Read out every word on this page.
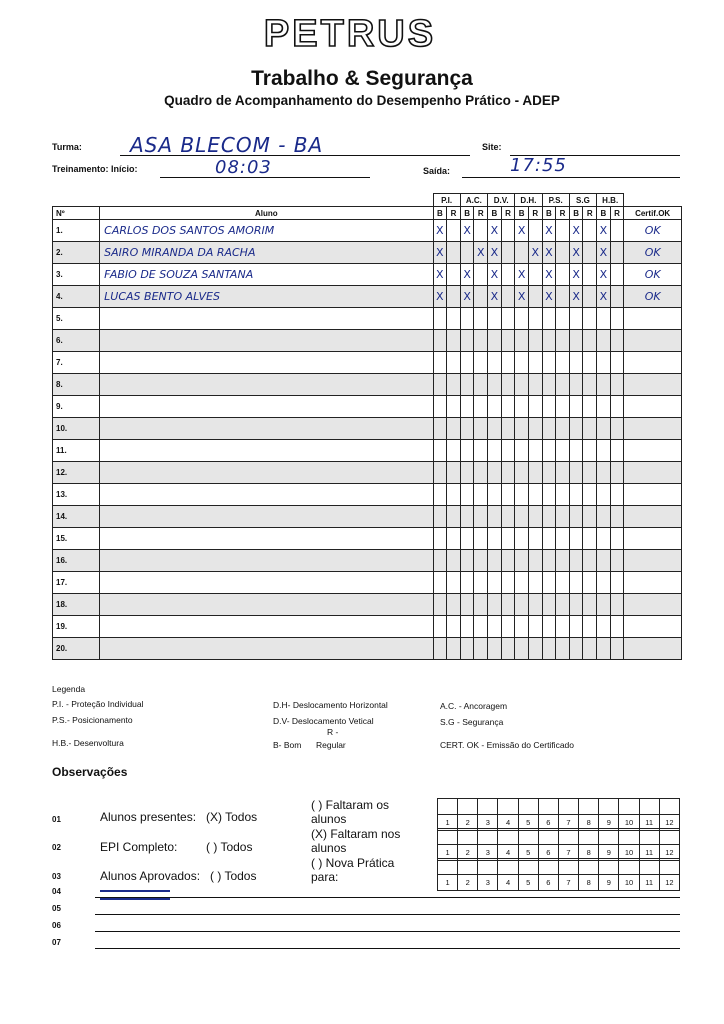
PETRUS
Trabalho & Segurança
Quadro de Acompanhamento do Desempenho Prático - ADEP
Turma: ASA BLECOM - BA	Site:
Treinamento: Início:	08:03	Saída:	17:55
		P.I.		A.C.		D.V.		D.H.		P.S.		S.G		H.B.		
Nº	Aluno	B	R	B	R	B	R	B	R	B	R	B	R	B	R	Certif.OK
1.	CARLOS DOS SANTOS AMORIM	X		X		X		X		X		X		X		OK
2.	SAIRO MIRANDA DA RACHA	X			X	X			X	X		X		X		OK
3.	FABIO DE SOUZA SANTANA	X		X		X		X		X		X		X		OK
4.	LUCAS BENTO ALVES	X		X		X		X		X		X		X		OK
5.																
6.																
7.																
8.																
9.																
10.																
11.																
12.																
13.																
14.																
15.																
16.																
17.																
18.																
19.																
20.																
Legenda
P.I. - Proteção Individual
P.S.- Posicionamento
H.B.- Desenvoltura
D.H- Deslocamento Horizontal
D.V- Deslocamento Vetical
B- Bom
R -
Regular
A.C. - Ancoragem
S.G - Segurança
CERT. OK - Emissão do Certificado
Observações
01
02
03
04
05
06
07
Alunos presentes: (X) Todos
EPI Completo: ( ) Todos
Alunos Aprovados: ( ) Todos
( ) Faltaram os
alunos
(X) Faltaram nos
alunos
( ) Nova Prática
para:

1	2	3	4	5	6	7	8	9	10	11	12

1	2	3	4	5	6	7	8	9	10	11	12

1	2	3	4	5	6	7	8	9	10	11	12
